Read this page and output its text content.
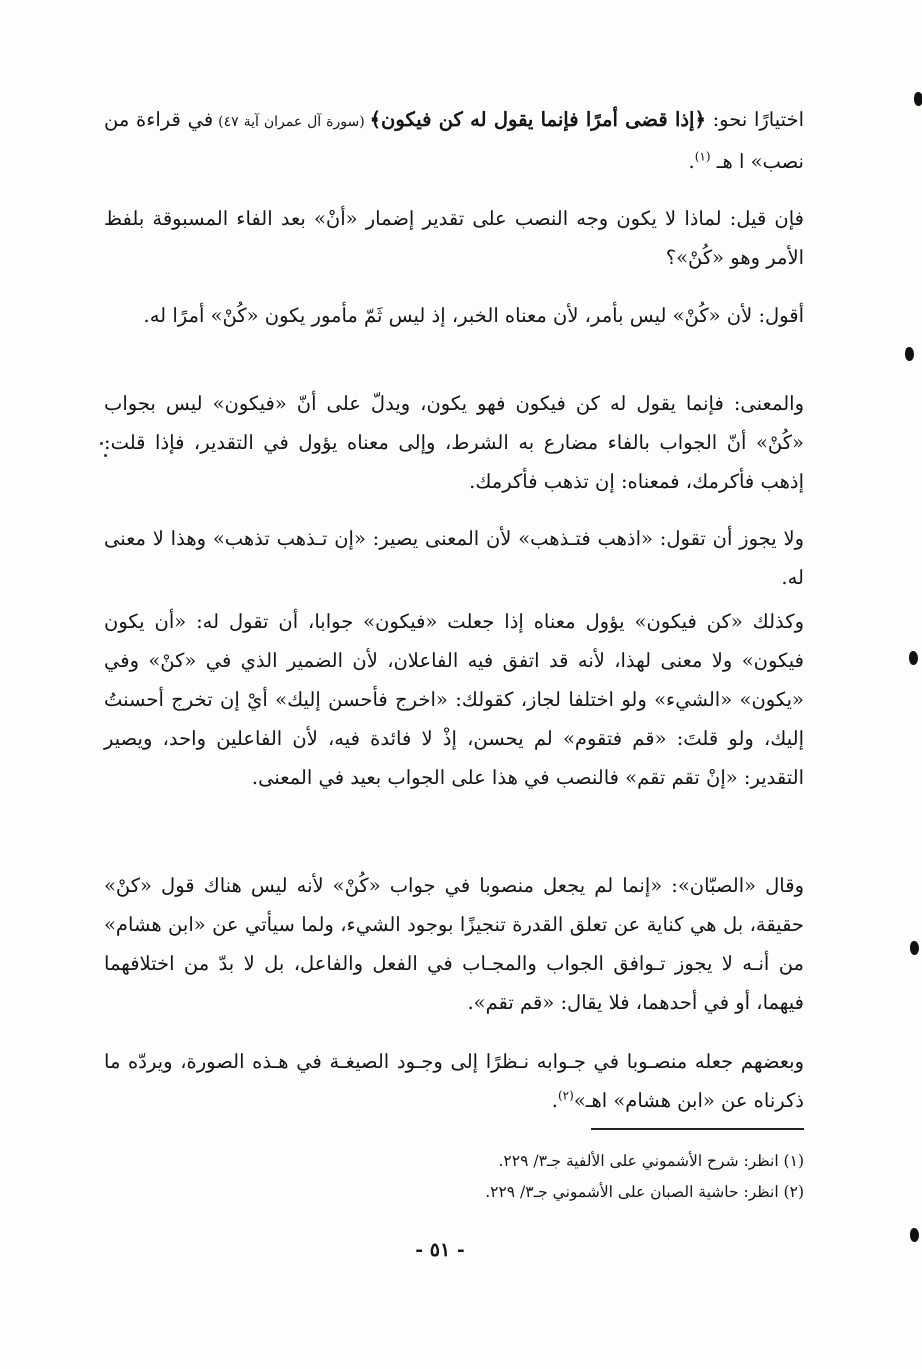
اختيارًا نحو: ﴿إذا قضى أمرًا فإنما يقول له كن فيكون﴾ (سورة آل عمران آية ٤٧) في قراءة من نصب» ا هـ $^{(١)}$.

فإن قيل: لماذا لا يكون وجه النصب على تقدير إضمار «أنْ» بعد الفاء المسبوقة بلفظ الأمر وهو «كُنْ»؟

أقول: لأن «كُنْ» ليس بأمر، لأن معناه الخبر، إذ ليس ثَمّ مأمور يكون «كُنْ» أمرًا له.

والمعنى: فإنما يقول له كن فيكون فهو يكون، ويدلّ على أنّ «فيكون» ليس بجواب «كُنْ» أنّ الجواب بالفاء مضارع به الشرط، وإلى معناه يؤول في التقدير، فإذا قلت: إذهب فأكرمك، فمعناه: إن تذهب فأكرمك.

ولا يجوز أن تقول: «اذهب فتـذهب» لأن المعنى يصير: «إن تـذهب تذهب» وهذا لا معنى له.

وكذلك «كن فيكون» يؤول معناه إذا جعلت «فيكون» جوابا، أن تقول له: «أن يكون فيكون» ولا معنى لهذا، لأنه قد اتفق فيه الفاعلان، لأن الضمير الذي في «كنْ» وفي «يكون» «الشيء» ولو اختلفا لجاز، كقولك: «اخرج فأحسن إليك» أيْ إن تخرج أحسنتُ إليك، ولو قلتَ: «قم فتقوم» لم يحسن، إذْ لا فائدة فيه، لأن الفاعلين واحد، ويصير التقدير: «إنْ تقم تقم» فالنصب في هذا على الجواب بعيد في المعنى.

وقال «الصبّان»: «إنما لم يجعل منصوبا في جواب «كُنْ» لأنه ليس هناك قول «كنْ» حقيقة، بل هي كناية عن تعلق القدرة تنجيزًا بوجود الشيء، ولما سيأتي عن «ابن هشام» من أنـه لا يجوز تـوافق الجواب والمجـاب في الفعل والفاعل، بل لا بدّ من اختلافهما فيهما، أو في أحدهما، فلا يقال: «قم تقم».

وبعضهم جعله منصـوبا في جـوابه نـظرًا إلى وجـود الصيغـة في هـذه الصورة، ويردّه ما ذكرناه عن «ابن هشام» اهـ»$^{(٢)}$.

(١) انظر: شرح الأشموني على الألفية جـ٣/ ٢٢٩.

(٢) انظر: حاشية الصبان على الأشموني جـ٣/ ٢٢٩.

- ٥١ -
